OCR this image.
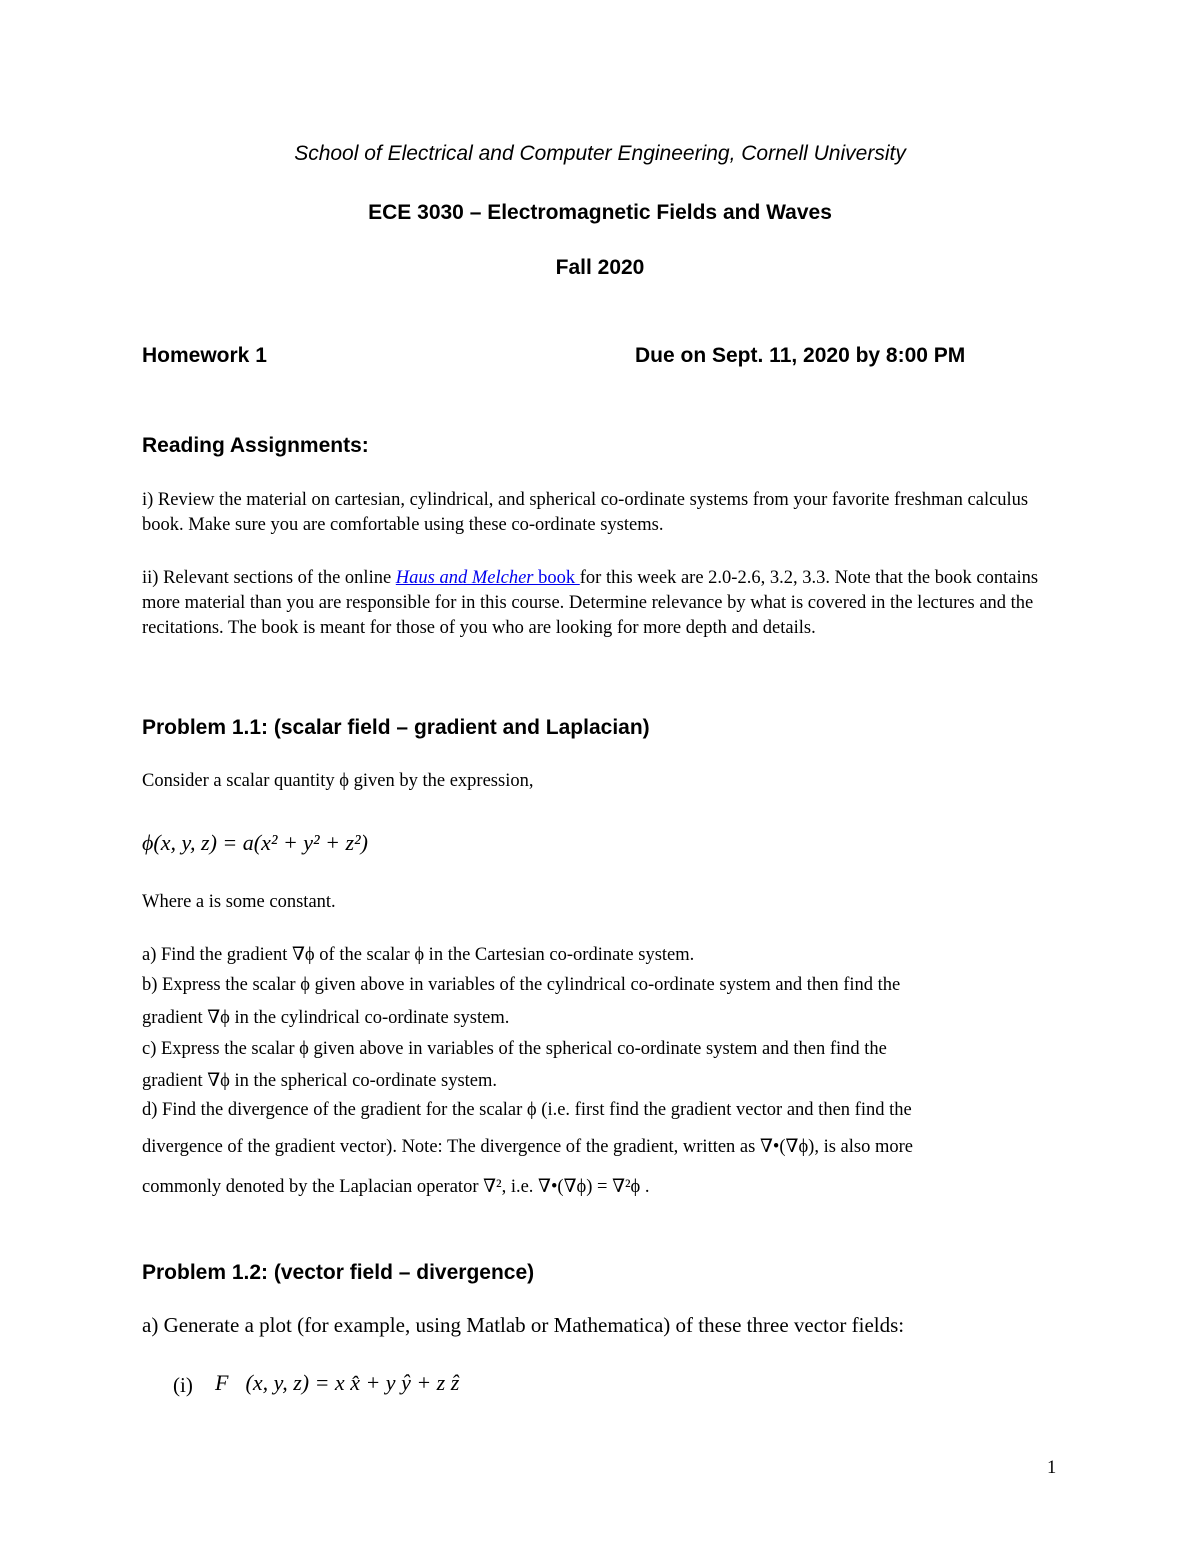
School of Electrical and Computer Engineering, Cornell University
ECE 3030 – Electromagnetic Fields and Waves
Fall 2020
Homework 1	Due on Sept. 11, 2020 by 8:00 PM
Reading Assignments:
i) Review the material on cartesian, cylindrical, and spherical co-ordinate systems from your favorite freshman calculus book. Make sure you are comfortable using these co-ordinate systems.
ii) Relevant sections of the online Haus and Melcher book for this week are 2.0-2.6, 3.2, 3.3. Note that the book contains more material than you are responsible for in this course. Determine relevance by what is covered in the lectures and the recitations. The book is meant for those of you who are looking for more depth and details.
Problem 1.1: (scalar field – gradient and Laplacian)
Consider a scalar quantity ϕ given by the expression,
ϕ(x, y, z) = a(x² + y² + z²)
Where a is some constant.
a) Find the gradient ∇ϕ of the scalar ϕ in the Cartesian co-ordinate system.
b) Express the scalar ϕ given above in variables of the cylindrical co-ordinate system and then find the
gradient ∇ϕ in the cylindrical co-ordinate system.
c) Express the scalar ϕ given above in variables of the spherical co-ordinate system and then find the
gradient ∇ϕ in the spherical co-ordinate system.
d) Find the divergence of the gradient for the scalar ϕ (i.e. first find the gradient vector and then find the
divergence of the gradient vector). Note: The divergence of the gradient, written as ∇•(∇ϕ), is also more
commonly denoted by the Laplacian operator ∇², i.e. ∇•(∇ϕ) = ∇²ϕ .
Problem 1.2: (vector field – divergence)
a) Generate a plot (for example, using Matlab or Mathematica) of these three vector fields:
(i) F⃗(x, y, z) = x x̂ + y ŷ + z ẑ
1
